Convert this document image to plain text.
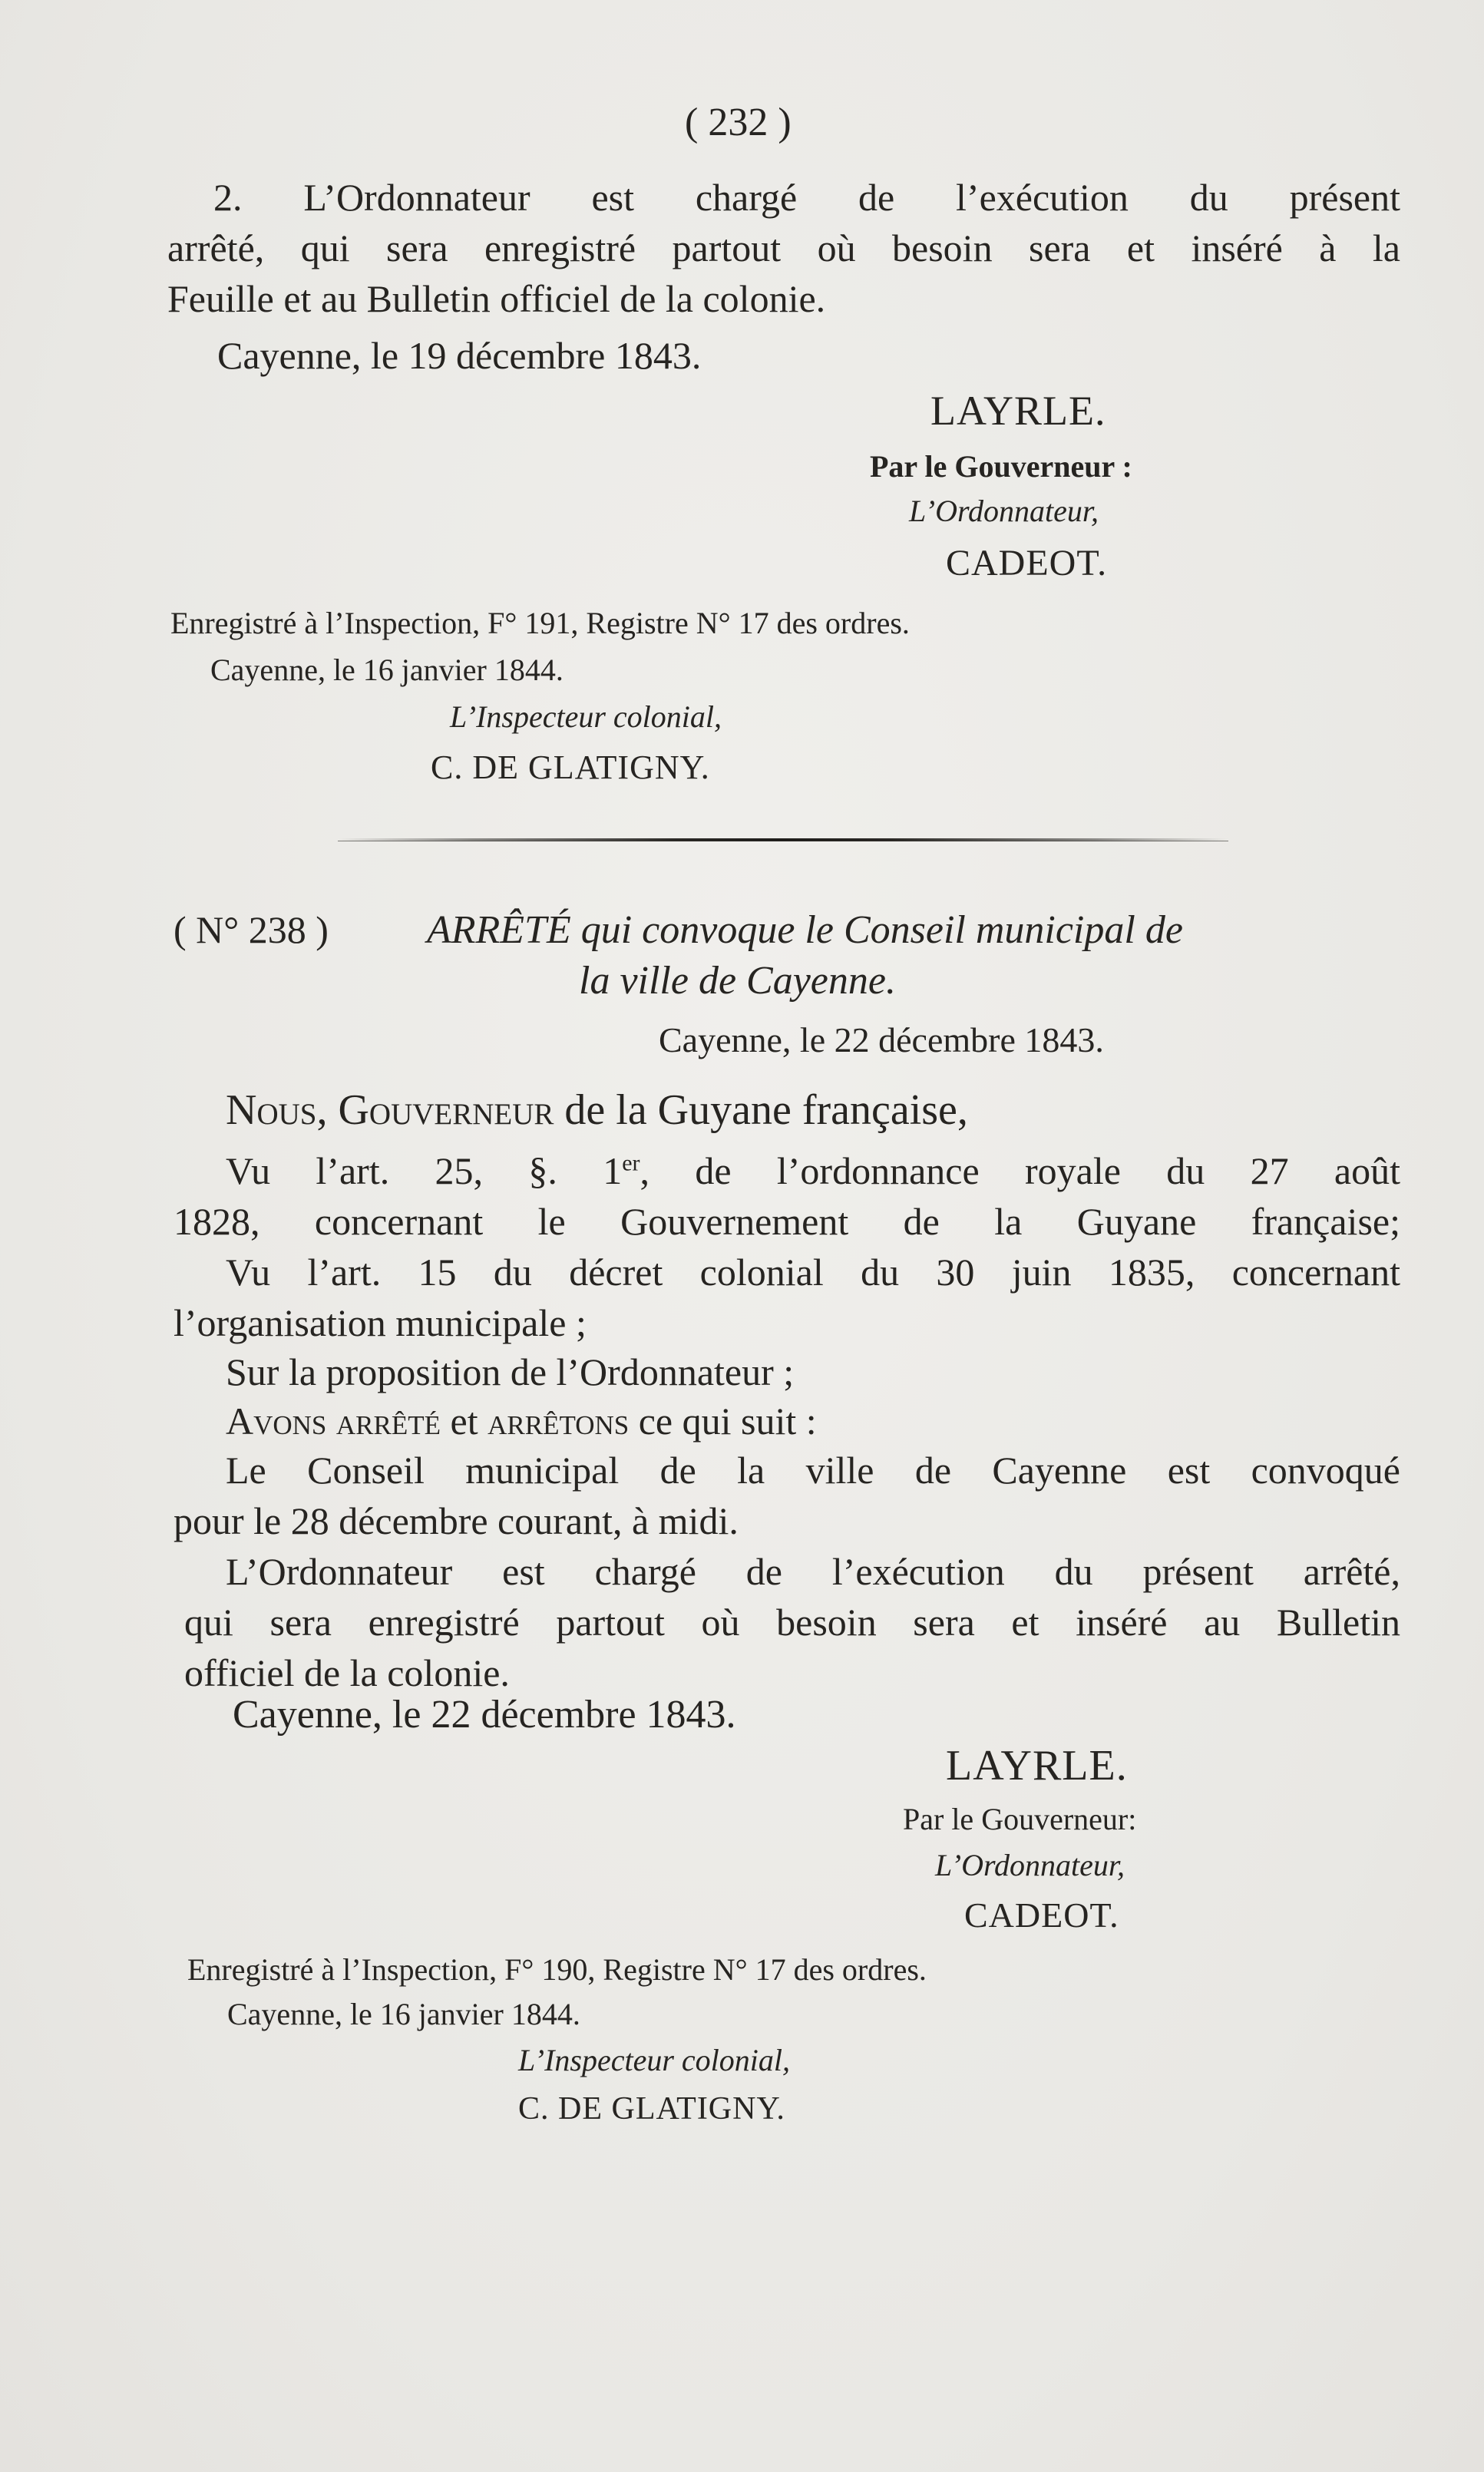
( 232 )
2. L’Ordonnateur est chargé de l’exécution du présent
arrêté, qui sera enregistré partout où besoin sera et inséré à la
Feuille et au Bulletin officiel de la colonie.
Cayenne, le 19 décembre 1843.
LAYRLE.
Par le Gouverneur :
L’Ordonnateur,
CADEOT.
Enregistré à l’Inspection, F° 191, Registre N° 17 des ordres.
Cayenne, le 16 janvier 1844.
L’Inspecteur colonial,
C. DE GLATIGNY.
( N° 238 ) ARRÊTÉ qui convoque le Conseil municipal de
la ville de Cayenne.
Cayenne, le 22 décembre 1843.
Nous, Gouverneur de la Guyane française,
Vu l’art. 25, §. 1er, de l’ordonnance royale du 27 août
1828, concernant le Gouvernement de la Guyane française;
Vu l’art. 15 du décret colonial du 30 juin 1835, concernant
l’organisation municipale ;
Sur la proposition de l’Ordonnateur ;
Avons arrêté et arrêtons ce qui suit :
Le Conseil municipal de la ville de Cayenne est convoqué
pour le 28 décembre courant, à midi.
L’Ordonnateur est chargé de l’exécution du présent arrêté,
qui sera enregistré partout où besoin sera et inséré au Bulletin
officiel de la colonie.
Cayenne, le 22 décembre 1843.
LAYRLE.
Par le Gouverneur:
L’Ordonnateur,
CADEOT.
Enregistré à l’Inspection, F° 190, Registre N° 17 des ordres.
Cayenne, le 16 janvier 1844.
L’Inspecteur colonial,
C. DE GLATIGNY.
